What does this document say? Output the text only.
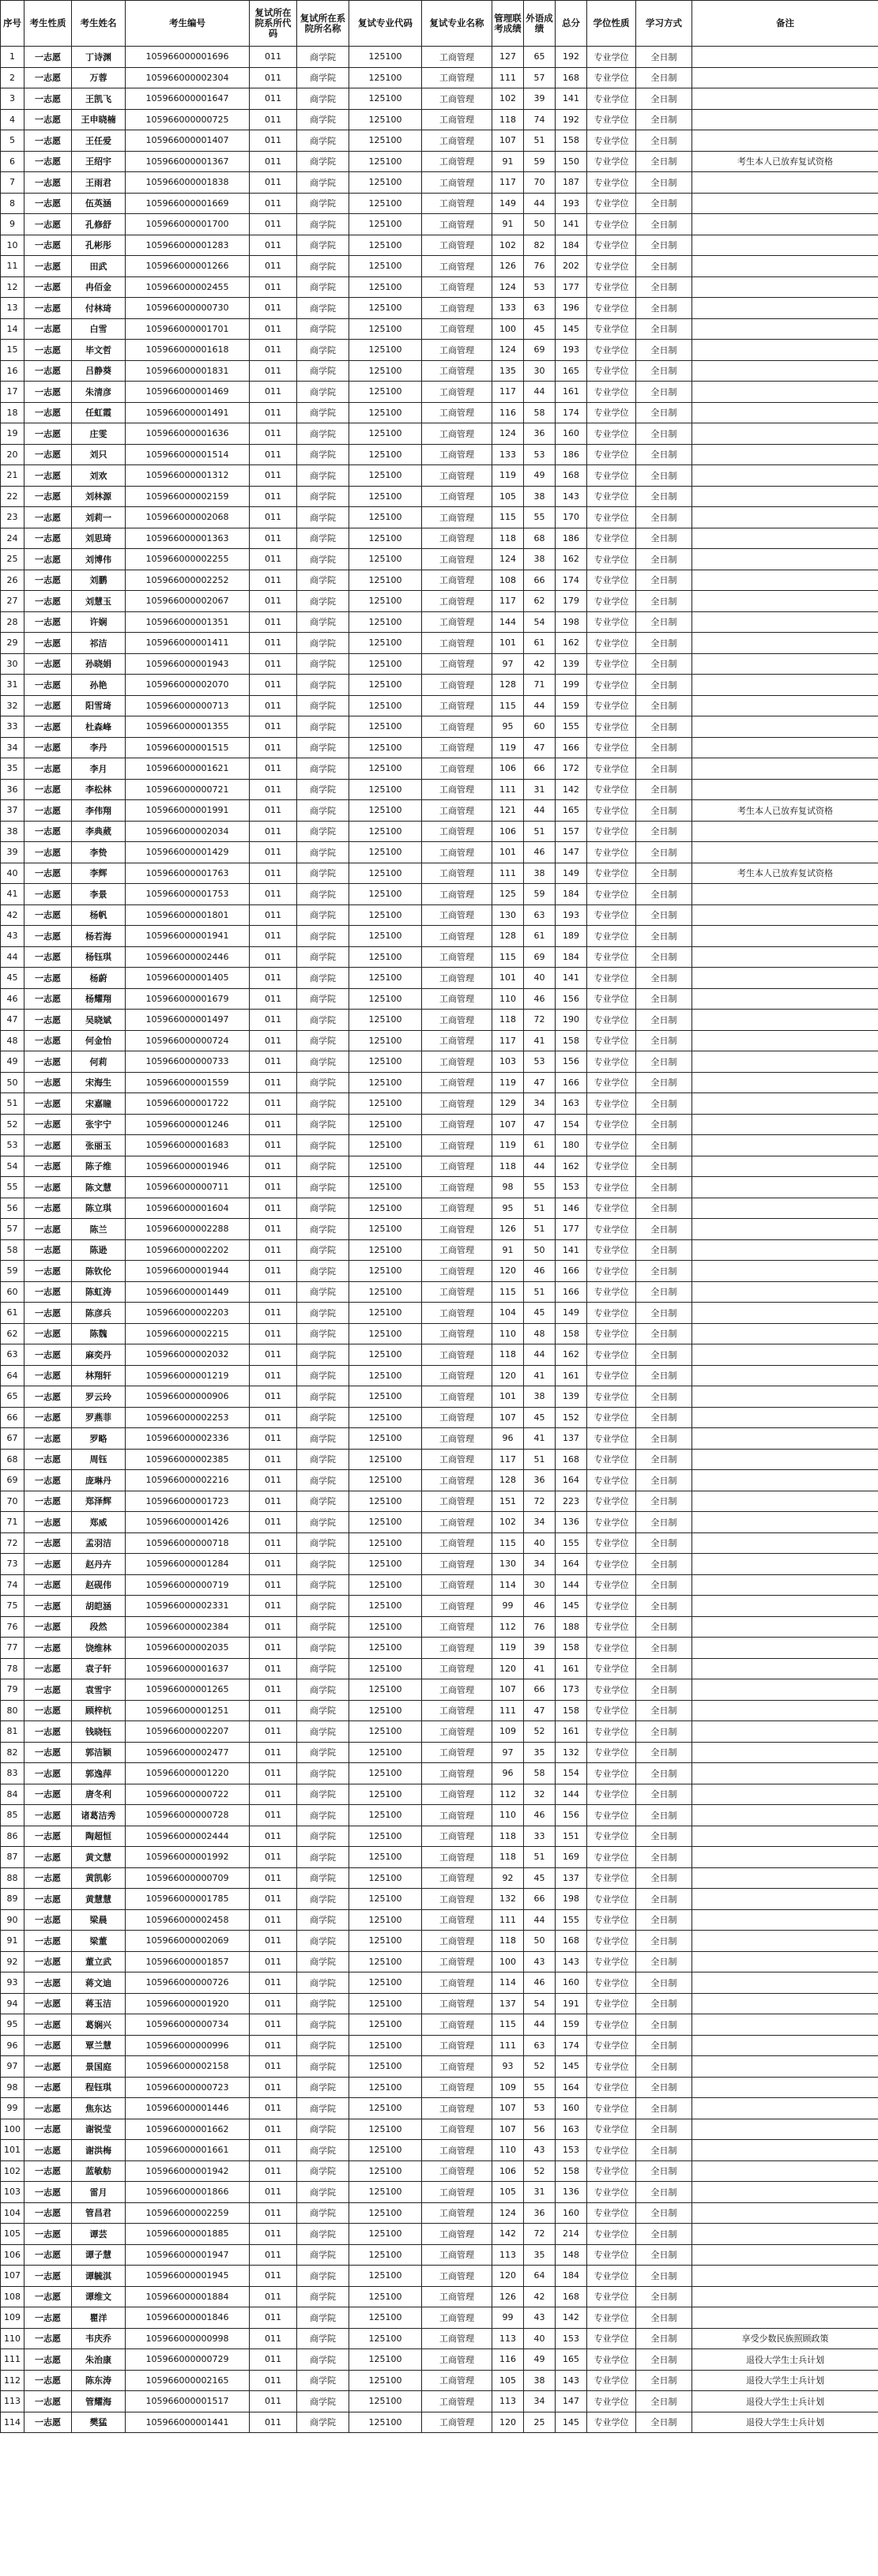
序号	考生性质	考生姓名	考生编号	复试所在院系所代码	复试所在系院所名称	复试专业代码	复试专业名称	管理联考成绩	外语成绩	总分	学位性质	学习方式	备注
1	一志愿	丁诗渊	105966000001696	011	商学院	125100	工商管理	127	65	192	专业学位	全日制	
2	一志愿	万蓉	105966000002304	011	商学院	125100	工商管理	111	57	168	专业学位	全日制	
3	一志愿	王凯飞	105966000001647	011	商学院	125100	工商管理	102	39	141	专业学位	全日制	
4	一志愿	王申晓楠	105966000000725	011	商学院	125100	工商管理	118	74	192	专业学位	全日制	
5	一志愿	王任爱	105966000001407	011	商学院	125100	工商管理	107	51	158	专业学位	全日制	
6	一志愿	王绍宇	105966000001367	011	商学院	125100	工商管理	91	59	150	专业学位	全日制	考生本人已放弃复试资格
7	一志愿	王雨君	105966000001838	011	商学院	125100	工商管理	117	70	187	专业学位	全日制	
8	一志愿	伍英涵	105966000001669	011	商学院	125100	工商管理	149	44	193	专业学位	全日制	
9	一志愿	孔修舒	105966000001700	011	商学院	125100	工商管理	91	50	141	专业学位	全日制	
10	一志愿	孔彬彤	105966000001283	011	商学院	125100	工商管理	102	82	184	专业学位	全日制	
11	一志愿	田武	105966000001266	011	商学院	125100	工商管理	126	76	202	专业学位	全日制	
12	一志愿	冉佰金	105966000002455	011	商学院	125100	工商管理	124	53	177	专业学位	全日制	
13	一志愿	付林琦	105966000000730	011	商学院	125100	工商管理	133	63	196	专业学位	全日制	
14	一志愿	白雪	105966000001701	011	商学院	125100	工商管理	100	45	145	专业学位	全日制	
15	一志愿	毕文哲	105966000001618	011	商学院	125100	工商管理	124	69	193	专业学位	全日制	
16	一志愿	吕静葵	105966000001831	011	商学院	125100	工商管理	135	30	165	专业学位	全日制	
17	一志愿	朱清彦	105966000001469	011	商学院	125100	工商管理	117	44	161	专业学位	全日制	
18	一志愿	任虹霞	105966000001491	011	商学院	125100	工商管理	116	58	174	专业学位	全日制	
19	一志愿	庄雯	105966000001636	011	商学院	125100	工商管理	124	36	160	专业学位	全日制	
20	一志愿	刘只	105966000001514	011	商学院	125100	工商管理	133	53	186	专业学位	全日制	
21	一志愿	刘欢	105966000001312	011	商学院	125100	工商管理	119	49	168	专业学位	全日制	
22	一志愿	刘林源	105966000002159	011	商学院	125100	工商管理	105	38	143	专业学位	全日制	
23	一志愿	刘莉一	105966000002068	011	商学院	125100	工商管理	115	55	170	专业学位	全日制	
24	一志愿	刘思琦	105966000001363	011	商学院	125100	工商管理	118	68	186	专业学位	全日制	
25	一志愿	刘博伟	105966000002255	011	商学院	125100	工商管理	124	38	162	专业学位	全日制	
26	一志愿	刘鹏	105966000002252	011	商学院	125100	工商管理	108	66	174	专业学位	全日制	
27	一志愿	刘慧玉	105966000002067	011	商学院	125100	工商管理	117	62	179	专业学位	全日制	
28	一志愿	许娴	105966000001351	011	商学院	125100	工商管理	144	54	198	专业学位	全日制	
29	一志愿	祁洁	105966000001411	011	商学院	125100	工商管理	101	61	162	专业学位	全日制	
30	一志愿	孙晓娟	105966000001943	011	商学院	125100	工商管理	97	42	139	专业学位	全日制	
31	一志愿	孙艳	105966000002070	011	商学院	125100	工商管理	128	71	199	专业学位	全日制	
32	一志愿	阳雪琦	105966000000713	011	商学院	125100	工商管理	115	44	159	专业学位	全日制	
33	一志愿	杜森峰	105966000001355	011	商学院	125100	工商管理	95	60	155	专业学位	全日制	
34	一志愿	李丹	105966000001515	011	商学院	125100	工商管理	119	47	166	专业学位	全日制	
35	一志愿	李月	105966000001621	011	商学院	125100	工商管理	106	66	172	专业学位	全日制	
36	一志愿	李松林	105966000000721	011	商学院	125100	工商管理	111	31	142	专业学位	全日制	
37	一志愿	李伟翔	105966000001991	011	商学院	125100	工商管理	121	44	165	专业学位	全日制	考生本人已放弃复试资格
38	一志愿	李典葳	105966000002034	011	商学院	125100	工商管理	106	51	157	专业学位	全日制	
39	一志愿	李贽	105966000001429	011	商学院	125100	工商管理	101	46	147	专业学位	全日制	
40	一志愿	李辉	105966000001763	011	商学院	125100	工商管理	111	38	149	专业学位	全日制	考生本人已放弃复试资格
41	一志愿	李景	105966000001753	011	商学院	125100	工商管理	125	59	184	专业学位	全日制	
42	一志愿	杨帆	105966000001801	011	商学院	125100	工商管理	130	63	193	专业学位	全日制	
43	一志愿	杨若海	105966000001941	011	商学院	125100	工商管理	128	61	189	专业学位	全日制	
44	一志愿	杨钰琪	105966000002446	011	商学院	125100	工商管理	115	69	184	专业学位	全日制	
45	一志愿	杨蔚	105966000001405	011	商学院	125100	工商管理	101	40	141	专业学位	全日制	
46	一志愿	杨耀翔	105966000001679	011	商学院	125100	工商管理	110	46	156	专业学位	全日制	
47	一志愿	吴晓斌	105966000001497	011	商学院	125100	工商管理	118	72	190	专业学位	全日制	
48	一志愿	何金怡	105966000000724	011	商学院	125100	工商管理	117	41	158	专业学位	全日制	
49	一志愿	何莉	105966000000733	011	商学院	125100	工商管理	103	53	156	专业学位	全日制	
50	一志愿	宋海生	105966000001559	011	商学院	125100	工商管理	119	47	166	专业学位	全日制	
51	一志愿	宋嘉瞳	105966000001722	011	商学院	125100	工商管理	129	34	163	专业学位	全日制	
52	一志愿	张宇宁	105966000001246	011	商学院	125100	工商管理	107	47	154	专业学位	全日制	
53	一志愿	张丽玉	105966000001683	011	商学院	125100	工商管理	119	61	180	专业学位	全日制	
54	一志愿	陈子维	105966000001946	011	商学院	125100	工商管理	118	44	162	专业学位	全日制	
55	一志愿	陈文慧	105966000000711	011	商学院	125100	工商管理	98	55	153	专业学位	全日制	
56	一志愿	陈立琪	105966000001604	011	商学院	125100	工商管理	95	51	146	专业学位	全日制	
57	一志愿	陈兰	105966000002288	011	商学院	125100	工商管理	126	51	177	专业学位	全日制	
58	一志愿	陈逊	105966000002202	011	商学院	125100	工商管理	91	50	141	专业学位	全日制	
59	一志愿	陈钦伦	105966000001944	011	商学院	125100	工商管理	120	46	166	专业学位	全日制	
60	一志愿	陈虹涛	105966000001449	011	商学院	125100	工商管理	115	51	166	专业学位	全日制	
61	一志愿	陈彦兵	105966000002203	011	商学院	125100	工商管理	104	45	149	专业学位	全日制	
62	一志愿	陈魏	105966000002215	011	商学院	125100	工商管理	110	48	158	专业学位	全日制	
63	一志愿	麻奕丹	105966000002032	011	商学院	125100	工商管理	118	44	162	专业学位	全日制	
64	一志愿	林翔轩	105966000001219	011	商学院	125100	工商管理	120	41	161	专业学位	全日制	
65	一志愿	罗云玲	105966000000906	011	商学院	125100	工商管理	101	38	139	专业学位	全日制	
66	一志愿	罗燕菲	105966000002253	011	商学院	125100	工商管理	107	45	152	专业学位	全日制	
67	一志愿	罗略	105966000002336	011	商学院	125100	工商管理	96	41	137	专业学位	全日制	
68	一志愿	周钰	105966000002385	011	商学院	125100	工商管理	117	51	168	专业学位	全日制	
69	一志愿	庞琳丹	105966000002216	011	商学院	125100	工商管理	128	36	164	专业学位	全日制	
70	一志愿	郑泽辉	105966000001723	011	商学院	125100	工商管理	151	72	223	专业学位	全日制	
71	一志愿	郑威	105966000001426	011	商学院	125100	工商管理	102	34	136	专业学位	全日制	
72	一志愿	孟羽洁	105966000000718	011	商学院	125100	工商管理	115	40	155	专业学位	全日制	
73	一志愿	赵丹卉	105966000001284	011	商学院	125100	工商管理	130	34	164	专业学位	全日制	
74	一志愿	赵砚伟	105966000000719	011	商学院	125100	工商管理	114	30	144	专业学位	全日制	
75	一志愿	胡皑涵	105966000002331	011	商学院	125100	工商管理	99	46	145	专业学位	全日制	
76	一志愿	段然	105966000002384	011	商学院	125100	工商管理	112	76	188	专业学位	全日制	
77	一志愿	饶维林	105966000002035	011	商学院	125100	工商管理	119	39	158	专业学位	全日制	
78	一志愿	袁子轩	105966000001637	011	商学院	125100	工商管理	120	41	161	专业学位	全日制	
79	一志愿	袁雪宇	105966000001265	011	商学院	125100	工商管理	107	66	173	专业学位	全日制	
80	一志愿	顾梓杭	105966000001251	011	商学院	125100	工商管理	111	47	158	专业学位	全日制	
81	一志愿	钱晓钰	105966000002207	011	商学院	125100	工商管理	109	52	161	专业学位	全日制	
82	一志愿	郭洁颖	105966000002477	011	商学院	125100	工商管理	97	35	132	专业学位	全日制	
83	一志愿	郭逸萍	105966000001220	011	商学院	125100	工商管理	96	58	154	专业学位	全日制	
84	一志愿	唐冬利	105966000000722	011	商学院	125100	工商管理	112	32	144	专业学位	全日制	
85	一志愿	诸葛洁秀	105966000000728	011	商学院	125100	工商管理	110	46	156	专业学位	全日制	
86	一志愿	陶超恒	105966000002444	011	商学院	125100	工商管理	118	33	151	专业学位	全日制	
87	一志愿	黄文慧	105966000001992	011	商学院	125100	工商管理	118	51	169	专业学位	全日制	
88	一志愿	黄凯彰	105966000000709	011	商学院	125100	工商管理	92	45	137	专业学位	全日制	
89	一志愿	黄慧慧	105966000001785	011	商学院	125100	工商管理	132	66	198	专业学位	全日制	
90	一志愿	梁晨	105966000002458	011	商学院	125100	工商管理	111	44	155	专业学位	全日制	
91	一志愿	梁董	105966000002069	011	商学院	125100	工商管理	118	50	168	专业学位	全日制	
92	一志愿	董立武	105966000001857	011	商学院	125100	工商管理	100	43	143	专业学位	全日制	
93	一志愿	蒋文迪	105966000000726	011	商学院	125100	工商管理	114	46	160	专业学位	全日制	
94	一志愿	蒋玉洁	105966000001920	011	商学院	125100	工商管理	137	54	191	专业学位	全日制	
95	一志愿	葛娴兴	105966000000734	011	商学院	125100	工商管理	115	44	159	专业学位	全日制	
96	一志愿	覃兰慧	105966000000996	011	商学院	125100	工商管理	111	63	174	专业学位	全日制	
97	一志愿	景国庭	105966000002158	011	商学院	125100	工商管理	93	52	145	专业学位	全日制	
98	一志愿	程钰琪	105966000000723	011	商学院	125100	工商管理	109	55	164	专业学位	全日制	
99	一志愿	焦东达	105966000001446	011	商学院	125100	工商管理	107	53	160	专业学位	全日制	
100	一志愿	谢锐莹	105966000001662	011	商学院	125100	工商管理	107	56	163	专业学位	全日制	
101	一志愿	谢洪梅	105966000001661	011	商学院	125100	工商管理	110	43	153	专业学位	全日制	
102	一志愿	蓝敏舫	105966000001942	011	商学院	125100	工商管理	106	52	158	专业学位	全日制	
103	一志愿	雷月	105966000001866	011	商学院	125100	工商管理	105	31	136	专业学位	全日制	
104	一志愿	管昌君	105966000002259	011	商学院	125100	工商管理	124	36	160	专业学位	全日制	
105	一志愿	谭芸	105966000001885	011	商学院	125100	工商管理	142	72	214	专业学位	全日制	
106	一志愿	谭子慧	105966000001947	011	商学院	125100	工商管理	113	35	148	专业学位	全日制	
107	一志愿	谭毓淇	105966000001945	011	商学院	125100	工商管理	120	64	184	专业学位	全日制	
108	一志愿	谭维文	105966000001884	011	商学院	125100	工商管理	126	42	168	专业学位	全日制	
109	一志愿	瞿洋	105966000001846	011	商学院	125100	工商管理	99	43	142	专业学位	全日制	
110	一志愿	韦庆乔	105966000000998	011	商学院	125100	工商管理	113	40	153	专业学位	全日制	享受少数民族照顾政策
111	一志愿	朱治康	105966000000729	011	商学院	125100	工商管理	116	49	165	专业学位	全日制	退役大学生士兵计划
112	一志愿	陈东涛	105966000002165	011	商学院	125100	工商管理	105	38	143	专业学位	全日制	退役大学生士兵计划
113	一志愿	管耀海	105966000001517	011	商学院	125100	工商管理	113	34	147	专业学位	全日制	退役大学生士兵计划
114	一志愿	樊猛	105966000001441	011	商学院	125100	工商管理	120	25	145	专业学位	全日制	退役大学生士兵计划
